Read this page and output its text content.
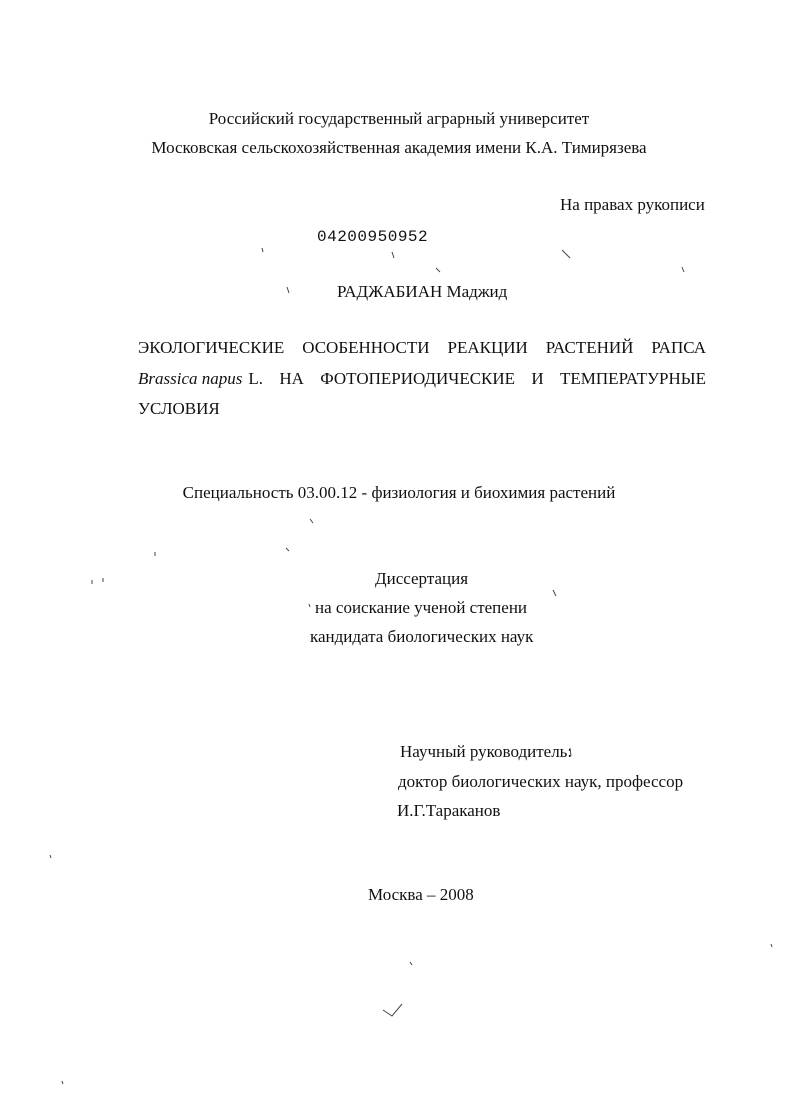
Российский государственный аграрный университет
Московская сельскохозяйственная академия имени К.А. Тимирязева
На правах рукописи
04200950952
РАДЖАБИАН Маджид
ЭКОЛОГИЧЕСКИЕ ОСОБЕННОСТИ РЕАКЦИИ РАСТЕНИЙ РАПСА
Brassica napus L. НА ФОТОПЕРИОДИЧЕСКИЕ И ТЕМПЕРАТУРНЫЕ
УСЛОВИЯ
Специальность 03.00.12 - физиология и биохимия растений
Диссертация
на соискание ученой степени
кандидата биологических наук
Научный руководитель:
доктор биологических наук, профессор
И.Г.Тараканов
Москва – 2008
